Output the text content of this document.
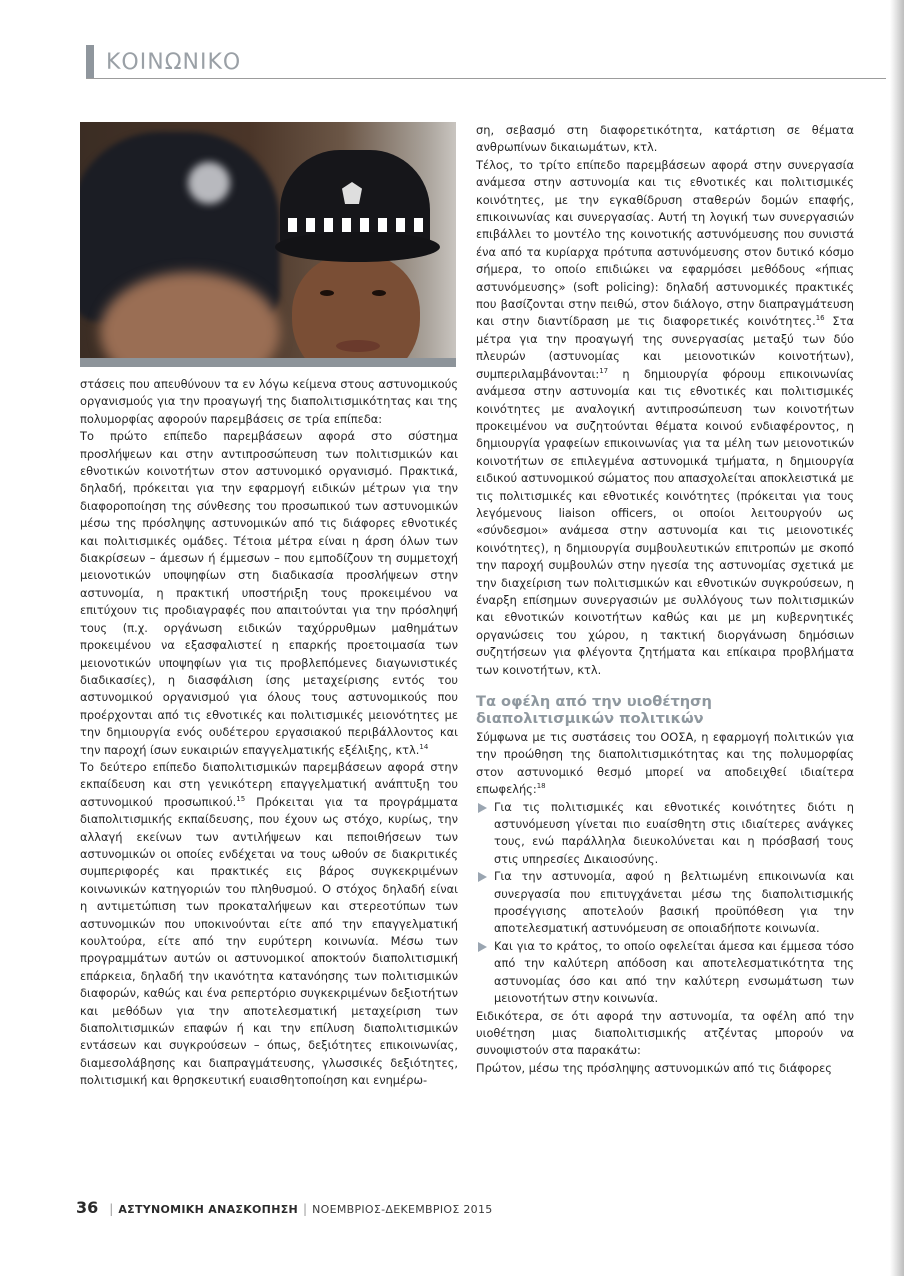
ΚΟΙΝΩΝΙΚΟ

στάσεις που απευθύνουν τα εν λόγω κείμενα στους αστυνομικούς οργανισμούς για την προαγωγή της διαπολιτισμικότητας και της πολυμορφίας αφορούν παρεμβάσεις σε τρία επίπεδα:

Το πρώτο επίπεδο παρεμβάσεων αφορά στο σύστημα προσλήψεων και στην αντιπροσώπευση των πολιτισμικών και εθνοτικών κοινοτήτων στον αστυνομικό οργανισμό. Πρακτικά, δηλαδή, πρόκειται για την εφαρμογή ειδικών μέτρων για την διαφοροποίηση της σύνθεσης του προσωπικού των αστυνομικών μέσω της πρόσληψης αστυνομικών από τις διάφορες εθνοτικές και πολιτισμικές ομάδες. Τέτοια μέτρα είναι η άρση όλων των διακρίσεων – άμεσων ή έμμεσων – που εμποδίζουν τη συμμετοχή μειονοτικών υποψηφίων στη διαδικασία προσλήψεων στην αστυνομία, η πρακτική υποστήριξη τους προκειμένου να επιτύχουν τις προδιαγραφές που απαιτούνται για την πρόσληψή τους (π.χ. οργάνωση ειδικών ταχύρρυθμων μαθημάτων προκειμένου να εξασφαλιστεί η επαρκής προετοιμασία των μειονοτικών υποψηφίων για τις προβλεπόμενες διαγωνιστικές διαδικασίες), η διασφάλιση ίσης μεταχείρισης εντός του αστυνομικού οργανισμού για όλους τους αστυνομικούς που προέρχονται από τις εθνοτικές και πολιτισμικές μειονότητες με την δημιουργία ενός ουδέτερου εργασιακού περιβάλλοντος και την παροχή ίσων ευκαιριών επαγγελματικής εξέλιξης, κτλ.$^{14}$

Το δεύτερο επίπεδο διαπολιτισμικών παρεμβάσεων αφορά στην εκπαίδευση και στη γενικότερη επαγγελματική ανάπτυξη του αστυνομικού προσωπικού.$^{15}$ Πρόκειται για τα προγράμματα διαπολιτισμικής εκπαίδευσης, που έχουν ως στόχο, κυρίως, την αλλαγή εκείνων των αντιλήψεων και πεποιθήσεων των αστυνομικών οι οποίες ενδέχεται να τους ωθούν σε διακριτικές συμπεριφορές και πρακτικές εις βάρος συγκεκριμένων κοινωνικών κατηγοριών του πληθυσμού. Ο στόχος δηλαδή είναι η αντιμετώπιση των προκαταλήψεων και στερεοτύπων των αστυνομικών που υποκινούνται είτε από την επαγγελματική κουλτούρα, είτε από την ευρύτερη κοινωνία. Μέσω των προγραμμάτων αυτών οι αστυνομικοί αποκτούν διαπολιτισμική επάρκεια, δηλαδή την ικανότητα κατανόησης των πολιτισμικών διαφορών, καθώς και ένα ρεπερτόριο συγκεκριμένων δεξιοτήτων και μεθόδων για την αποτελεσματική μεταχείριση των διαπολιτισμικών επαφών ή και την επίλυση διαπολιτισμικών εντάσεων και συγκρούσεων – όπως, δεξιότητες επικοινωνίας, διαμεσολάβησης και διαπραγμάτευσης, γλωσσικές δεξιότητες, πολιτισμική και θρησκευτική ευαισθητοποίηση και ενημέρω-

ση, σεβασμό στη διαφορετικότητα, κατάρτιση σε θέματα ανθρωπίνων δικαιωμάτων, κτλ.

Τέλος, το τρίτο επίπεδο παρεμβάσεων αφορά στην συνεργασία ανάμεσα στην αστυνομία και τις εθνοτικές και πολιτισμικές κοινότητες, με την εγκαθίδρυση σταθερών δομών επαφής, επικοινωνίας και συνεργασίας. Αυτή τη λογική των συνεργασιών επιβάλλει το μοντέλο της κοινοτικής αστυνόμευσης που συνιστά ένα από τα κυρίαρχα πρότυπα αστυνόμευσης στον δυτικό κόσμο σήμερα, το οποίο επιδιώκει να εφαρμόσει μεθόδους «ήπιας αστυνόμευσης» (soft policing): δηλαδή αστυνομικές πρακτικές που βασίζονται στην πειθώ, στον διάλογο, στην διαπραγμάτευση και στην διαντίδραση με τις διαφορετικές κοινότητες.$^{16}$ Στα μέτρα για την προαγωγή της συνεργασίας μεταξύ των δύο πλευρών (αστυνομίας και μειονοτικών κοινοτήτων), συμπεριλαμβάνονται:$^{17}$ η δημιουργία φόρουμ επικοινωνίας ανάμεσα στην αστυνομία και τις εθνοτικές και πολιτισμικές κοινότητες με αναλογική αντιπροσώπευση των κοινοτήτων προκειμένου να συζητούνται θέματα κοινού ενδιαφέροντος, η δημιουργία γραφείων επικοινωνίας για τα μέλη των μειονοτικών κοινοτήτων σε επιλεγμένα αστυνομικά τμήματα, η δημιουργία ειδικού αστυνομικού σώματος που απασχολείται αποκλειστικά με τις πολιτισμικές και εθνοτικές κοινότητες (πρόκειται για τους λεγόμενους liaison officers, οι οποίοι λειτουργούν ως «σύνδεσμοι» ανάμεσα στην αστυνομία και τις μειονοτικές κοινότητες), η δημιουργία συμβουλευτικών επιτροπών με σκοπό την παροχή συμβουλών στην ηγεσία της αστυνομίας σχετικά με την διαχείριση των πολιτισμικών και εθνοτικών συγκρούσεων, η έναρξη επίσημων συνεργασιών με συλλόγους των πολιτισμικών και εθνοτικών κοινοτήτων καθώς και με μη κυβερνητικές οργανώσεις του χώρου, η τακτική διοργάνωση δημόσιων συζητήσεων για φλέγοντα ζητήματα και επίκαιρα προβλήματα των κοινοτήτων, κτλ.

Τα οφέλη από την υιοθέτηση διαπολιτισμικών πολιτικών

Σύμφωνα με τις συστάσεις του ΟΟΣΑ, η εφαρμογή πολιτικών για την προώθηση της διαπολιτισμικότητας και της πολυμορφίας στον αστυνομικό θεσμό μπορεί να αποδειχθεί ιδιαίτερα επωφελής:$^{18}$

Για τις πολιτισμικές και εθνοτικές κοινότητες διότι η αστυνόμευση γίνεται πιο ευαίσθητη στις ιδιαίτερες ανάγκες τους, ενώ παράλληλα διευκολύνεται και η πρόσβασή τους στις υπηρεσίες Δικαιοσύνης.
Για την αστυνομία, αφού η βελτιωμένη επικοινωνία και συνεργασία που επιτυγχάνεται μέσω της διαπολιτισμικής προσέγγισης αποτελούν βασική προϋπόθεση για την αποτελεσματική αστυνόμευση σε οποιαδήποτε κοινωνία.
Και για το κράτος, το οποίο οφελείται άμεσα και έμμεσα τόσο από την καλύτερη απόδοση και αποτελεσματικότητα της αστυνομίας όσο και από την καλύτερη ενσωμάτωση των μειονοτήτων στην κοινωνία.

Ειδικότερα, σε ότι αφορά την αστυνομία, τα οφέλη από την υιοθέτηση μιας διαπολιτισμικής ατζέντας μπορούν να συνοψιστούν στα παρακάτω:

Πρώτον, μέσω της πρόσληψης αστυνομικών από τις διάφορες

36 | ΑΣΤΥΝΟΜΙΚΗ ΑΝΑΣΚΟΠΗΣΗ | ΝΟΕΜΒΡΙΟΣ-ΔΕΚΕΜΒΡΙΟΣ 2015
